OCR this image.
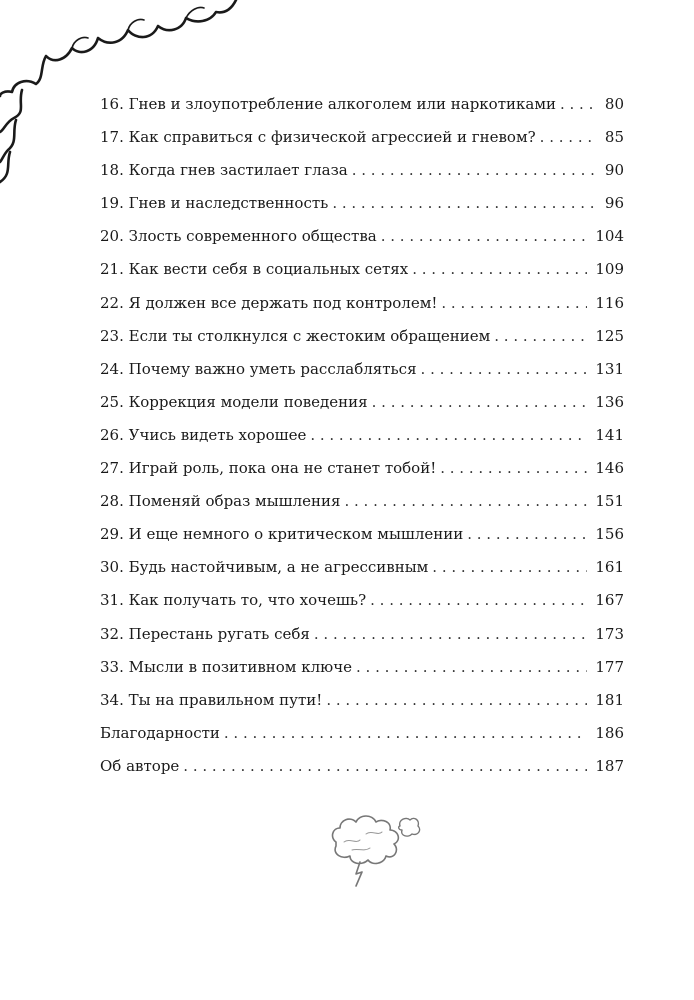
16. Гнев и злоупотребление алкоголем или наркотиками . . .	80
17. Как справиться с физической агрессией и гневом? . . .	85
18. Когда гнев застилает глаза . . .	90
19. Гнев и наследственность . . .	96
20. Злость современного общества . . .	104
21. Как вести себя в социальных сетях . . .	109
22. Я должен все держать под контролем! . . .	116
23. Если ты столкнулся с жестоким обращением . . .	125
24. Почему важно уметь расслабляться . . .	131
25. Коррекция модели поведения . . .	136
26. Учись видеть хорошее . . .	141
27. Играй роль, пока она не станет тобой! . . .	146
28. Поменяй образ мышления . . .	151
29. И еще немного о критическом мышлении . . .	156
30. Будь настойчивым, а не агрессивным . . .	161
31. Как получать то, что хочешь? . . .	167
32. Перестань ругать себя . . .	173
33. Мысли в позитивном ключе . . .	177
34. Ты на правильном пути! . . .	181
Благодарности . . .	186
Об авторе . . .	187
